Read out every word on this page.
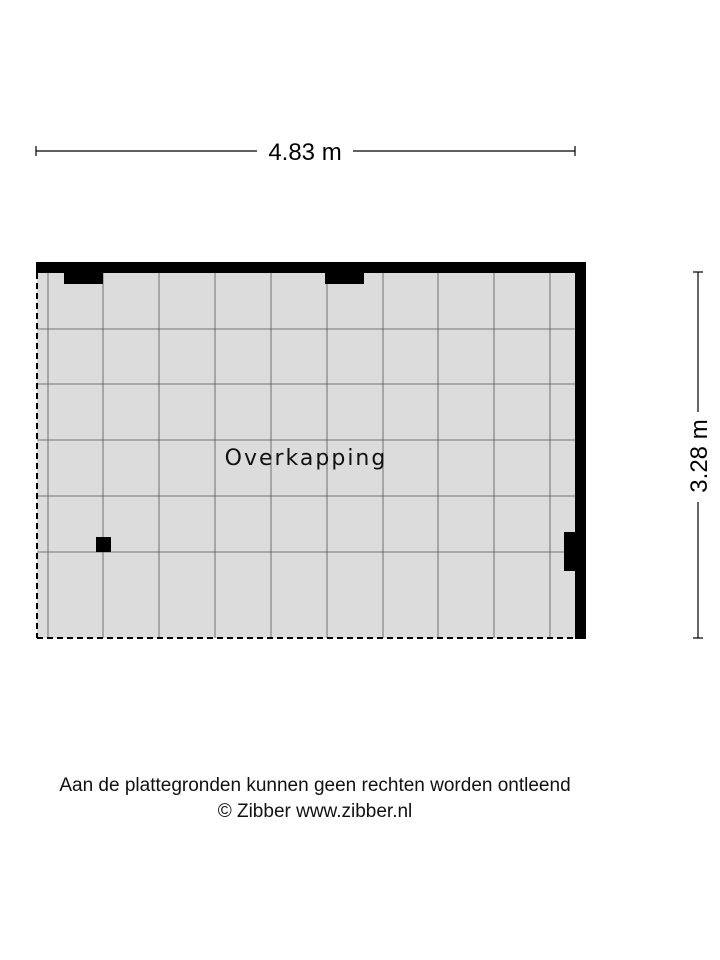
4.83 m
3.28 m
Overkapping
Aan de plattegronden kunnen geen rechten worden ontleend
© Zibber www.zibber.nl
